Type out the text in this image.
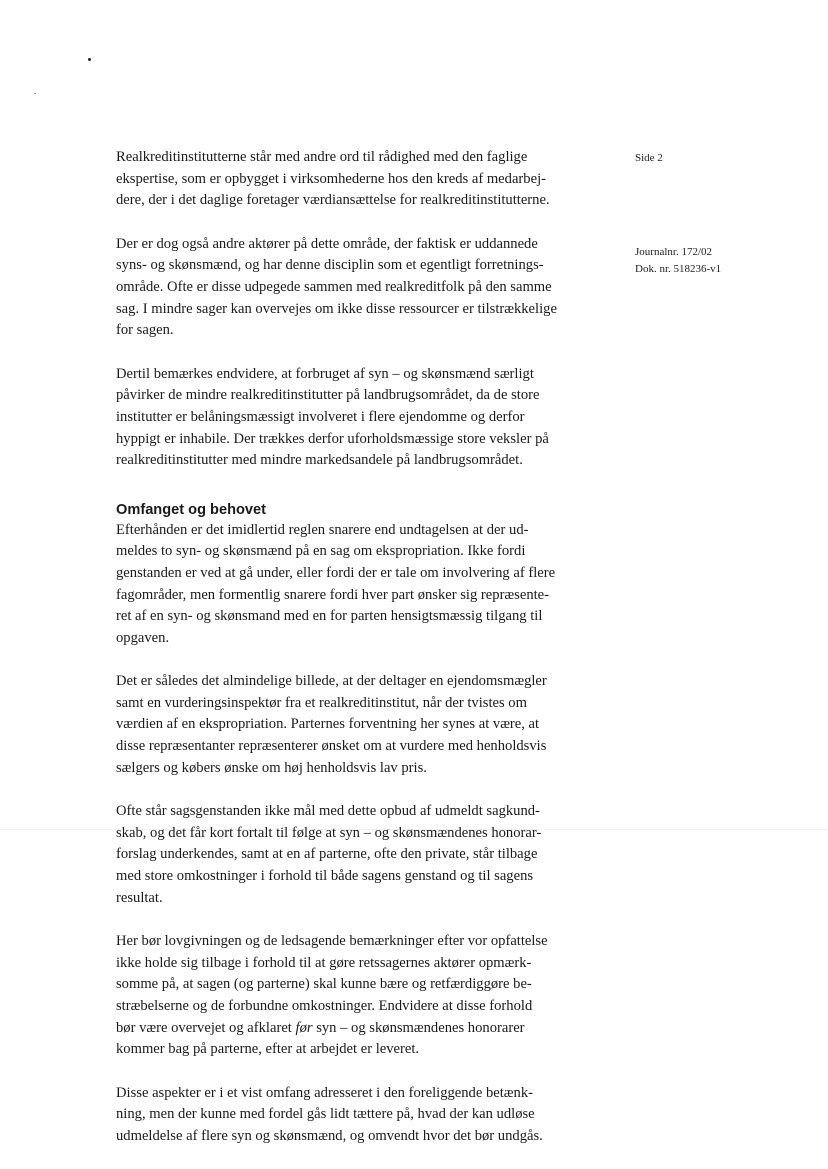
Side 2
Journalnr. 172/02
Dok. nr. 518236-v1

Realkreditinstitutterne står med andre ord til rådighed med den faglige
ekspertise, som er opbygget i virksomhederne hos den kreds af medarbej-
dere, der i det daglige foretager værdiansættelse for realkreditinstitutterne.

Der er dog også andre aktører på dette område, der faktisk er uddannede
syns- og skønsmænd, og har denne disciplin som et egentligt forretnings-
område. Ofte er disse udpegede sammen med realkreditfolk på den samme
sag. I mindre sager kan overvejes om ikke disse ressourcer er tilstrækkelige
for sagen.

Dertil bemærkes endvidere, at forbruget af syn – og skønsmænd særligt
påvirker de mindre realkreditinstitutter på landbrugsområdet, da de store
institutter er belåningsmæssigt involveret i flere ejendomme og derfor
hyppigt er inhabile. Der trækkes derfor uforholdsmæssige store veksler på
realkreditinstitutter med mindre markedsandele på landbrugsområdet.

Omfanget og behovet

Efterhånden er det imidlertid reglen snarere end undtagelsen at der ud-
meldes to syn- og skønsmænd på en sag om ekspropriation. Ikke fordi
genstanden er ved at gå under, eller fordi der er tale om involvering af flere
fagområder, men formentlig snarere fordi hver part ønsker sig repræsente-
ret af en syn- og skønsmand med en for parten hensigtsmæssig tilgang til
opgaven.

Det er således det almindelige billede, at der deltager en ejendomsmægler
samt en vurderingsinspektør fra et realkreditinstitut, når der tvistes om
værdien af en ekspropriation. Parternes forventning her synes at være, at
disse repræsentanter repræsenterer ønsket om at vurdere med henholdsvis
sælgers og købers ønske om høj henholdsvis lav pris.

Ofte står sagsgenstanden ikke mål med dette opbud af udmeldt sagkund-
skab, og det får kort fortalt til følge at syn – og skønsmændenes honorar-
forslag underkendes, samt at en af parterne, ofte den private, står tilbage
med store omkostninger i forhold til både sagens genstand og til sagens
resultat.

Her bør lovgivningen og de ledsagende bemærkninger efter vor opfattelse
ikke holde sig tilbage i forhold til at gøre retssagernes aktører opmærk-
somme på, at sagen (og parterne) skal kunne bære og retfærdiggøre be-
stræbelserne og de forbundne omkostninger. Endvidere at disse forhold
bør være overvejet og afklaret før syn – og skønsmændenes honorarer
kommer bag på parterne, efter at arbejdet er leveret.

Disse aspekter er i et vist omfang adresseret i den foreliggende betænk-
ning, men der kunne med fordel gås lidt tættere på, hvad der kan udløse
udmeldelse af flere syn og skønsmænd, og omvendt hvor det bør undgås.
